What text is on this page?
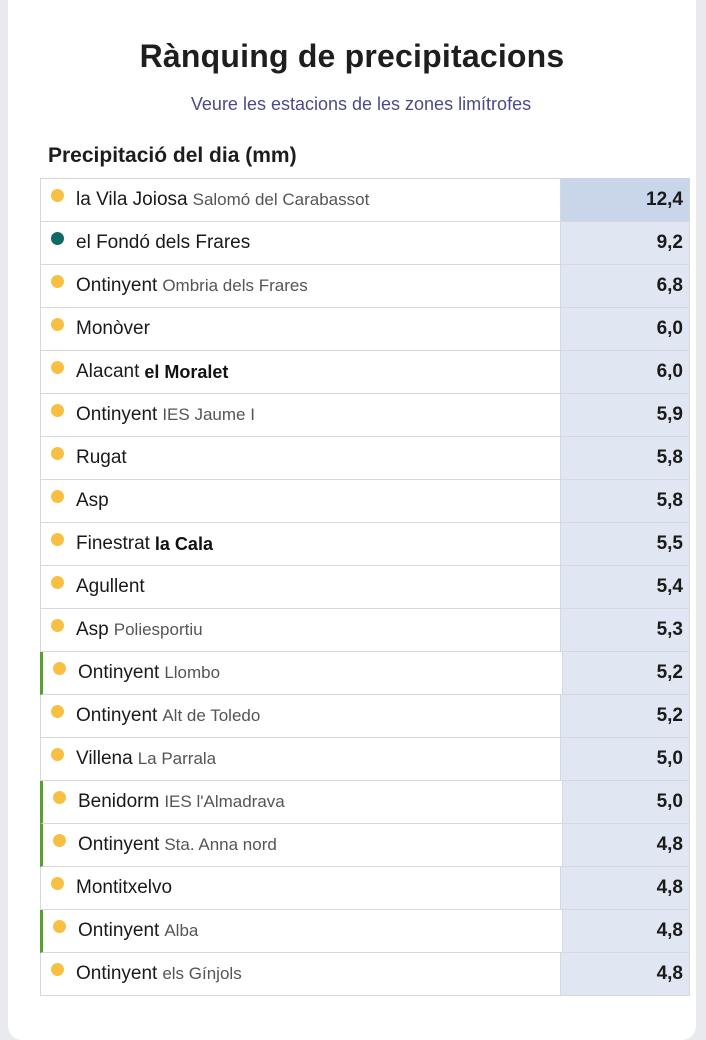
Rànquing de precipitacions
Veure les estacions de les zones limítrofes
Precipitació del dia (mm)
la Vila Joiosa Salomó del Carabassot	12,4
el Fondó dels Frares	9,2
Ontinyent Ombria dels Frares	6,8
Monòver	6,0
Alacant el Moralet	6,0
Ontinyent IES Jaume I	5,9
Rugat	5,8
Asp	5,8
Finestrat la Cala	5,5
Agullent	5,4
Asp Poliesportiu	5,3
Ontinyent Llombo	5,2
Ontinyent Alt de Toledo	5,2
Villena La Parrala	5,0
Benidorm IES l'Almadrava	5,0
Ontinyent Sta. Anna nord	4,8
Montitxelvo	4,8
Ontinyent Alba	4,8
Ontinyent els Gínjols	4,8
